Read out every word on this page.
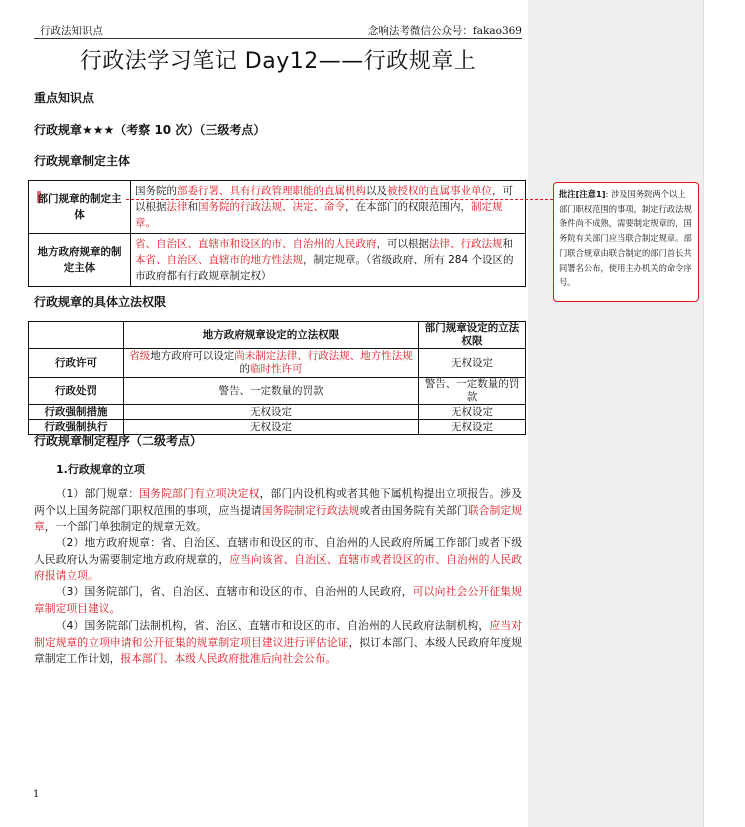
行政法知识点	念响法考微信公众号：fakao369
行政法学习笔记 Day12——行政规章上
重点知识点
行政规章★★★（考察 10 次）（三级考点）
行政规章制定主体
部门规章的制定主体	国务院的部委行署、具有行政管理职能的直属机构以及被授权的直属事业单位，可以根据法律和国务院的行政法规、决定、命令，在本部门的权限范围内，制定规章。
地方政府规章的制定主体	省、自治区、直辖市和设区的市、自治州的人民政府，可以根据法律、行政法规和本省、自治区、直辖市的地方性法规，制定规章。（省级政府、所有 284 个设区的市政府都有行政规章制定权）
行政规章的具体立法权限
	地方政府规章设定的立法权限	部门规章设定的立法权限
行政许可	省级地方政府可以设定尚未制定法律、行政法规、地方性法规的临时性许可	无权设定
行政处罚	警告、一定数量的罚款	警告、一定数量的罚款
行政强制措施	无权设定	无权设定
行政强制执行	无权设定	无权设定
行政规章制定程序（二级考点）
1.行政规章的立项
（1）部门规章：国务院部门有立项决定权，部门内设机构或者其他下属机构提出立项报告。涉及两个以上国务院部门职权范围的事项，应当提请国务院制定行政法规或者由国务院有关部门联合制定规章，一个部门单独制定的规章无效。
（2）地方政府规章：省、自治区、直辖市和设区的市、自治州的人民政府所属工作部门或者下级人民政府认为需要制定地方政府规章的，应当向该省、自治区、直辖市或者设区的市、自治州的人民政府报请立项。
（3）国务院部门，省、自治区、直辖市和设区的市、自治州的人民政府，可以向社会公开征集规章制定项目建议。
（4）国务院部门法制机构，省、治区、直辖市和设区的市、自治州的人民政府法制机构，应当对制定规章的立项申请和公开征集的规章制定项目建议进行评估论证，拟订本部门、本级人民政府年度规章制定工作计划，报本部门、本级人民政府批准后向社会公布。
1
批注[注意1]: 涉及国务院两个以上部门职权范围的事项，制定行政法规条件尚不成熟，需要制定规章的，国务院有关部门应当联合制定规章。部门联合规章由联合制定的部门首长共同署名公布，使用主办机关的命令序号。
